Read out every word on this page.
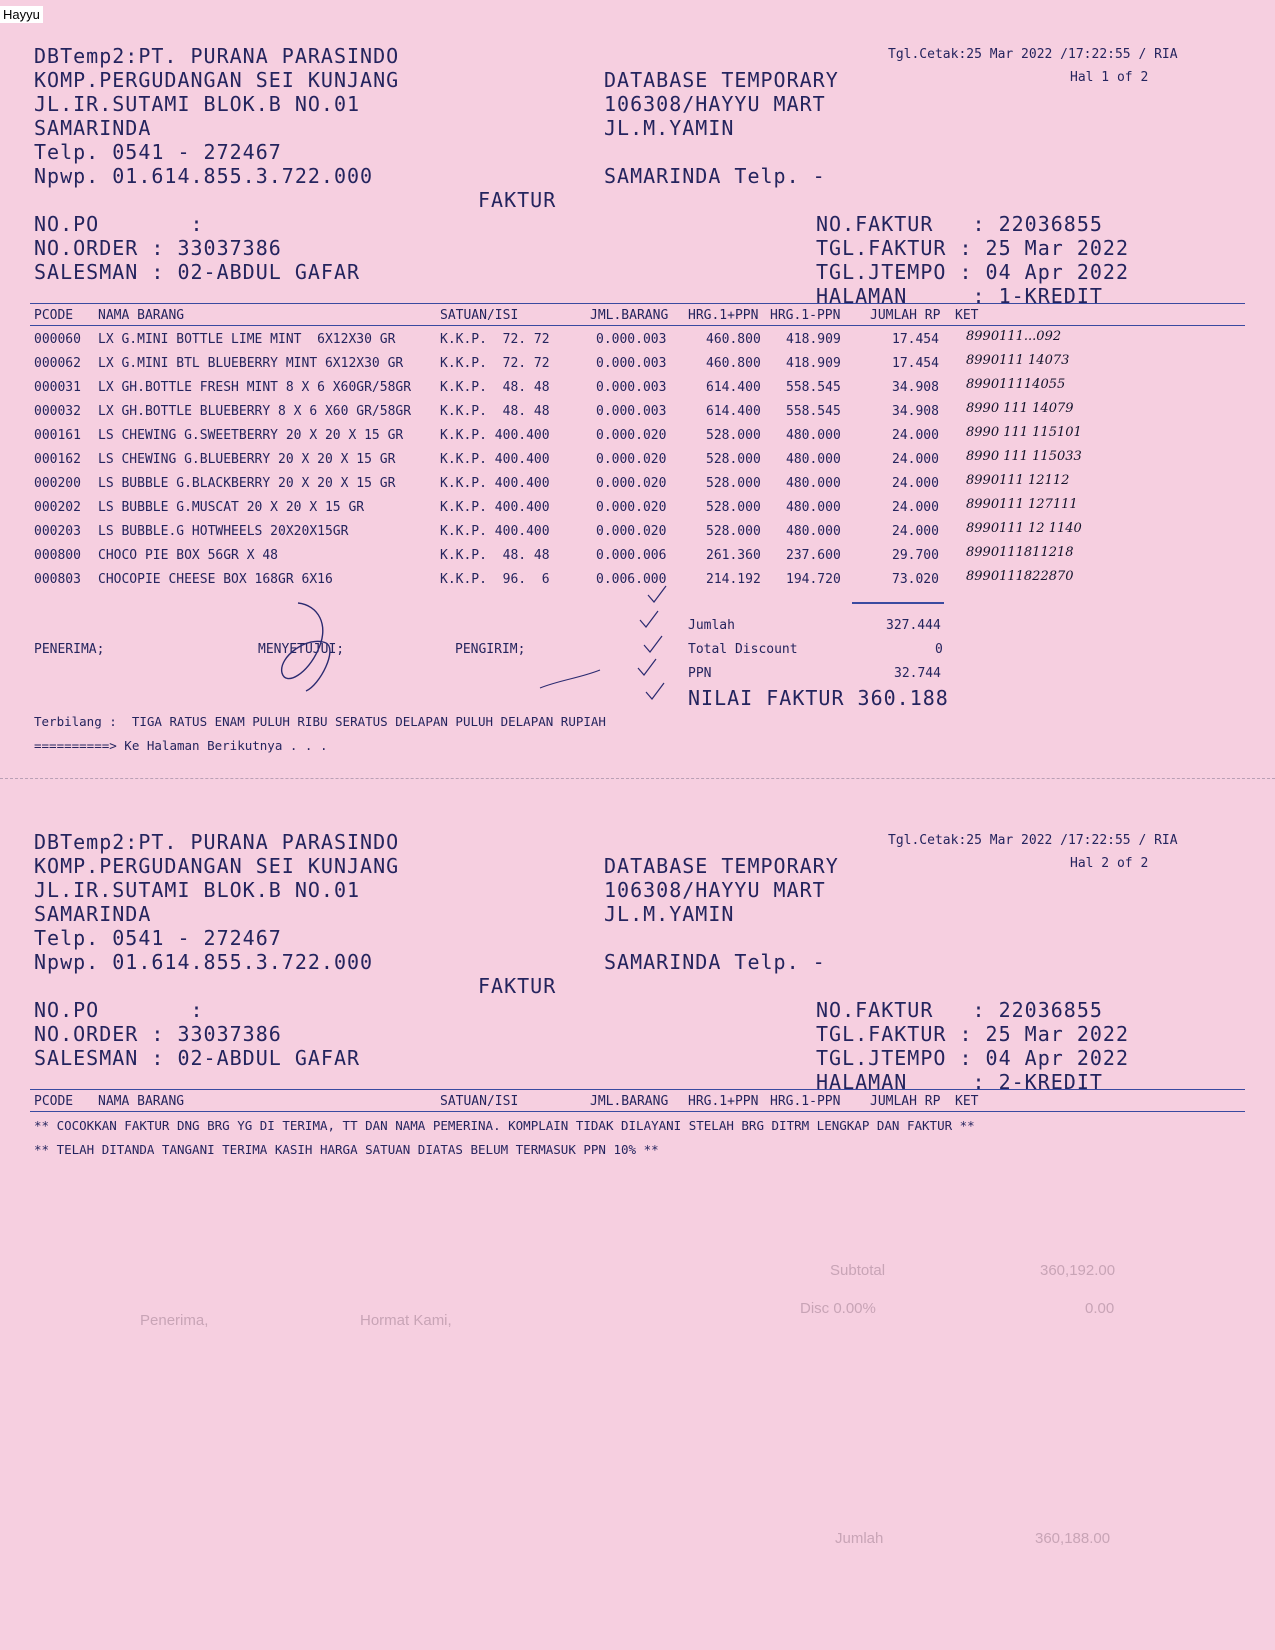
Hayyu
Subtotal	360,192.00
Disc 0.00%	0.00
Penerima,	Hormat Kami,
Jumlah	360,188.00
DBTemp2:PT. PURANA PARASINDO
KOMP.PERGUDANGAN SEI KUNJANG
JL.IR.SUTAMI BLOK.B NO.01
SAMARINDA
Telp. 0541 - 272467
Npwp. 01.614.855.3.722.000
Tgl.Cetak:25 Mar 2022 /17:22:55 / RIA
Hal 1 of 2
DATABASE TEMPORARY
106308/HAYYU MART
JL.M.YAMIN
SAMARINDA Telp. -
FAKTUR
NO.PO       :
NO.ORDER : 33037386
SALESMAN : 02-ABDUL GAFAR
NO.FAKTUR   : 22036855
TGL.FAKTUR : 25 Mar 2022
TGL.JTEMPO : 04 Apr 2022
HALAMAN     : 1-KREDIT
PCODE NAMA BARANG	SATUAN/ISI	JML.BARANG HRG.1+PPN HRG.1-PPN JUMLAH RP KET
000060 LX G.MINI BOTTLE LIME MINT  6X12X30 GR	K.K.P.  72. 72	0.000.003	460.800 418.909	17.454 8990111...092
000062 LX G.MINI BTL BLUEBERRY MINT 6X12X30 GR	K.K.P.  72. 72	0.000.003	460.800 418.909	17.454 8990111 14073
000031 LX GH.BOTTLE FRESH MINT 8 X 6 X60GR/58GR K.K.P.  48. 48	0.000.003	614.400 558.545	34.908 899011114055
000032 LX GH.BOTTLE BLUEBERRY 8 X 6 X60 GR/58GR K.K.P.  48. 48	0.000.003	614.400 558.545	34.908 8990 111 14079
000161 LS CHEWING G.SWEETBERRY 20 X 20 X 15 GR	K.K.P. 400.400	0.000.020	528.000 480.000	24.000 8990 111 115101
000162 LS CHEWING G.BLUEBERRY 20 X 20 X 15 GR	K.K.P. 400.400	0.000.020	528.000 480.000	24.000 8990 111 115033
000200 LS BUBBLE G.BLACKBERRY 20 X 20 X 15 GR	K.K.P. 400.400	0.000.020	528.000 480.000	24.000 8990111 12112
000202 LS BUBBLE G.MUSCAT 20 X 20 X 15 GR	K.K.P. 400.400	0.000.020	528.000 480.000	24.000 8990111 127111
000203 LS BUBBLE.G HOTWHEELS 20X20X15GR	K.K.P. 400.400	0.000.020	528.000 480.000	24.000 8990111 12 1140
000800 CHOCO PIE BOX 56GR X 48	K.K.P.  48. 48	0.000.006	261.360 237.600	29.700 8990111811218
000803 CHOCOPIE CHEESE BOX 168GR 6X16	K.K.P.  96.  6	0.006.000	214.192 194.720	73.020 8990111822870
PENERIMA;	MENYETUJUI;	PENGIRIM;
Jumlah	327.444
Total Discount	0
PPN	32.744
NILAI FAKTUR 360.188
Terbilang :  TIGA RATUS ENAM PULUH RIBU SERATUS DELAPAN PULUH DELAPAN RUPIAH
==========> Ke Halaman Berikutnya . . .
DBTemp2:PT. PURANA PARASINDO
KOMP.PERGUDANGAN SEI KUNJANG
JL.IR.SUTAMI BLOK.B NO.01
SAMARINDA
Telp. 0541 - 272467
Npwp. 01.614.855.3.722.000
Tgl.Cetak:25 Mar 2022 /17:22:55 / RIA
Hal 2 of 2
DATABASE TEMPORARY
106308/HAYYU MART
JL.M.YAMIN
SAMARINDA Telp. -
FAKTUR
NO.PO       :
NO.ORDER : 33037386
SALESMAN : 02-ABDUL GAFAR
NO.FAKTUR   : 22036855
TGL.FAKTUR : 25 Mar 2022
TGL.JTEMPO : 04 Apr 2022
HALAMAN     : 2-KREDIT
PCODE NAMA BARANG	SATUAN/ISI	JML.BARANG HRG.1+PPN HRG.1-PPN JUMLAH RP KET
** COCOKKAN FAKTUR DNG BRG YG DI TERIMA, TT DAN NAMA PEMERINA. KOMPLAIN TIDAK DILAYANI STELAH BRG DITRM LENGKAP DAN FAKTUR **
** TELAH DITANDA TANGANI TERIMA KASIH HARGA SATUAN DIATAS BELUM TERMASUK PPN 10% **
